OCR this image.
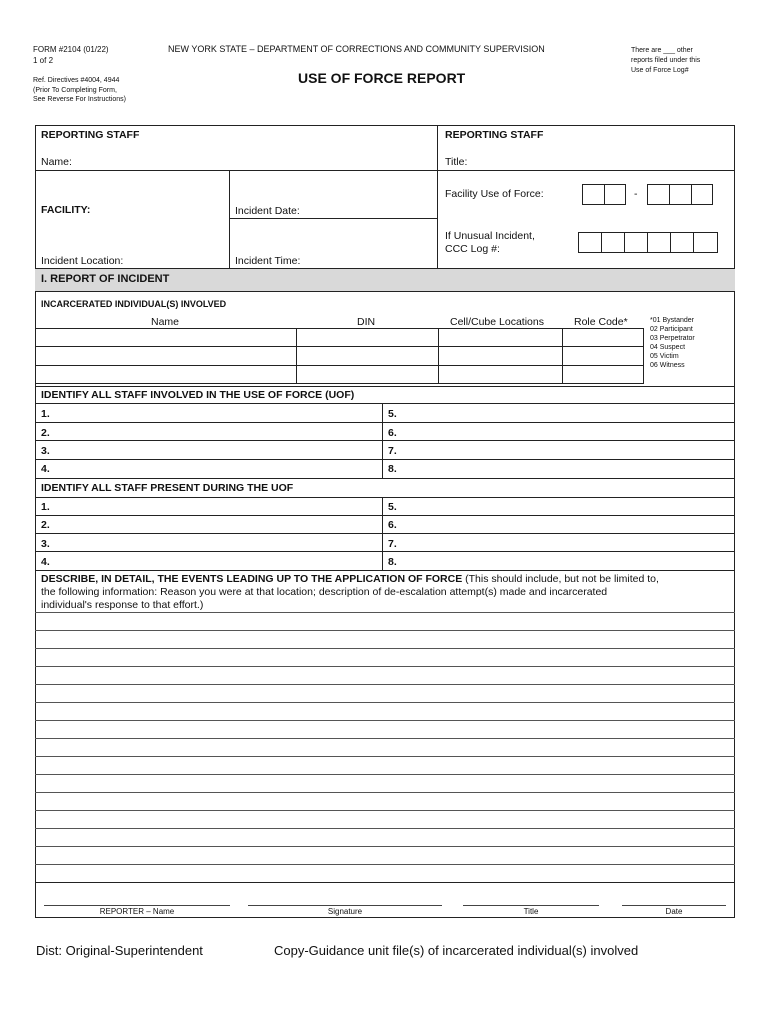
FORM #2104 (01/22)
1 of 2
Ref. Directives #4004, 4944
(Prior To Completing Form,
See Reverse For Instructions)
NEW YORK STATE – DEPARTMENT OF CORRECTIONS AND COMMUNITY SUPERVISION
USE OF FORCE REPORT
There are ___ other
reports filed under this
Use of Force Log#
REPORTING STAFF	REPORTING STAFF
Name:	Title:
FACILITY:	Incident Date:
Incident Location:	Incident Time:
Facility Use of Force:	-
If Unusual Incident,
CCC Log #:
I. REPORT OF INCIDENT
INCARCERATED INDIVIDUAL(S) INVOLVED
Name	DIN	Cell/Cube Locations	Role Code*	*01 Bystander
02 Participant
03 Perpetrator
04 Suspect
05 Victim
06 Witness
IDENTIFY ALL STAFF INVOLVED IN THE USE OF FORCE (UOF)
1.
2.
3.
4.
5.
6.
7.
8.
IDENTIFY ALL STAFF PRESENT DURING THE UOF
1.
2.
3.
4.
5.
6.
7.
8.
DESCRIBE, IN DETAIL, THE EVENTS LEADING UP TO THE APPLICATION OF FORCE (This should include, but not be limited to,
the following information: Reason you were at that location; description of de-escalation attempt(s) made and incarcerated
individual's response to that effort.)
REPORTER – Name	Signature	Title	Date
Dist: Original-Superintendent	Copy-Guidance unit file(s) of incarcerated individual(s) involved
